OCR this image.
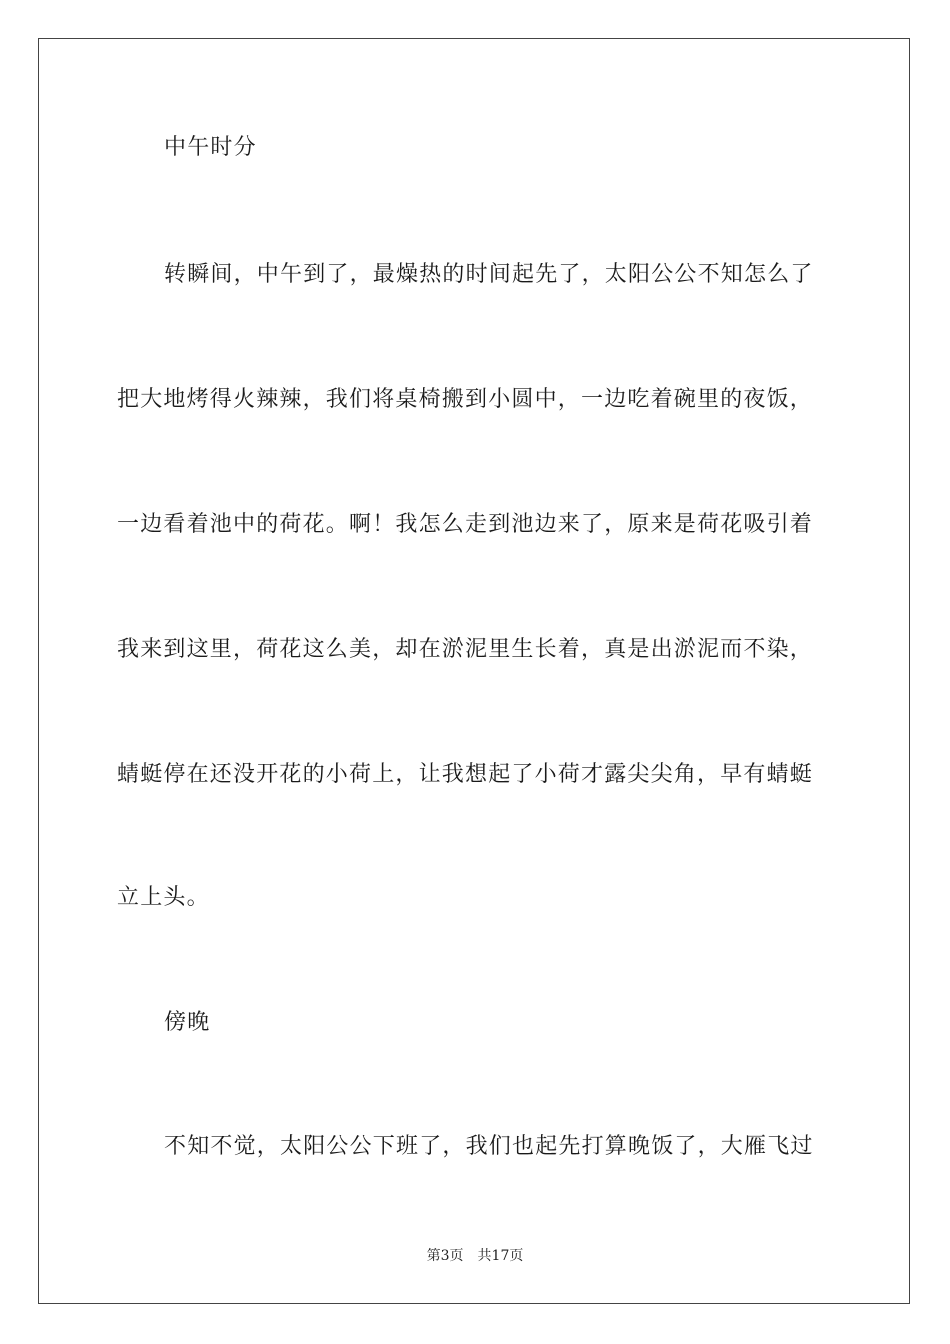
中午时分
转瞬间，中午到了，最燥热的时间起先了，太阳公公不知怎么了
把大地烤得火辣辣，我们将桌椅搬到小圆中，一边吃着碗里的夜饭，
一边看着池中的荷花。啊！我怎么走到池边来了，原来是荷花吸引着
我来到这里，荷花这么美，却在淤泥里生长着，真是出淤泥而不染，
蜻蜓停在还没开花的小荷上，让我想起了小荷才露尖尖角，早有蜻蜓
立上头。
傍晚
不知不觉，太阳公公下班了，我们也起先打算晚饭了，大雁飞过
第3页 共17页
